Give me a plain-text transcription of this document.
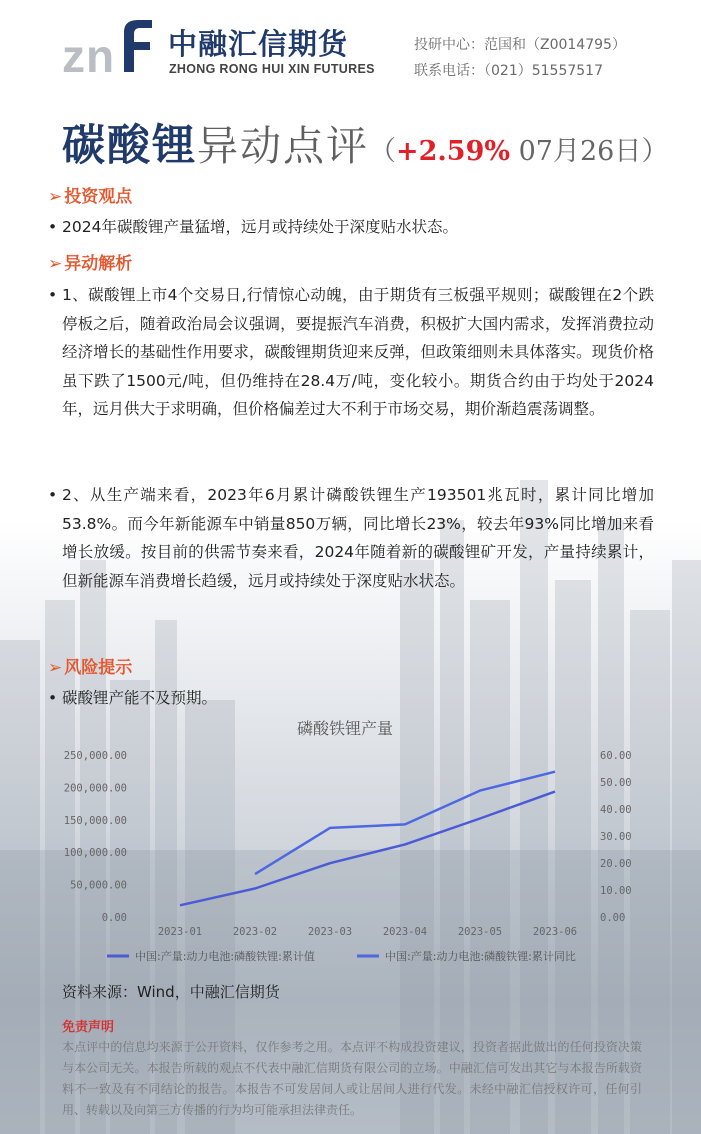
z n 中融汇信期货
ZHONG RONG HUI XIN FUTURES
投研中心：范国和（Z0014795）
联系电话：（021）51557517
碳酸锂异动点评（+2.59% 07月26日）
➢ 投资观点
• 2024年碳酸锂产量猛增，远月或持续处于深度贴水状态。
➢ 异动解析
• 1、碳酸锂上市4个交易日,行情惊心动魄，由于期货有三板强平规则；碳酸锂在2个跌停板之后，随着政治局会议强调，要提振汽车消费，积极扩大国内需求，发挥消费拉动经济增长的基础性作用要求，碳酸锂期货迎来反弹，但政策细则未具体落实。现货价格虽下跌了1500元/吨，但仍维持在28.4万/吨，变化较小。期货合约由于均处于2024年，远月供大于求明确，但价格偏差过大不利于市场交易，期价渐趋震荡调整。
• 2、从生产端来看，2023年6月累计磷酸铁锂生产193501兆瓦时，累计同比增加53.8%。而今年新能源车中销量850万辆，同比增长23%，较去年93%同比增加来看增长放缓。按目前的供需节奏来看，2024年随着新的碳酸锂矿开发，产量持续累计，但新能源车消费增长趋缓，远月或持续处于深度贴水状态。
➢ 风险提示
• 碳酸锂产能不及预期。
磷酸铁锂产量
0.00
50,000.00
100,000.00
150,000.00
200,000.00
250,000.00
0.00
10.00
20.00
30.00
40.00
50.00
60.00
2023-01	2023-02	2023-03	2023-04	2023-05	2023-06
中国:产量:动力电池:磷酸铁锂:累计值	中国:产量:动力电池:磷酸铁锂:累计同比
资料来源：Wind，中融汇信期货
免责声明
本点评中的信息均来源于公开资料，仅作参考之用。本点评不构成投资建议，投资者据此做出的任何投资决策与本公司无关。本报告所载的观点不代表中融汇信期货有限公司的立场。中融汇信可发出其它与本报告所载资料不一致及有不同结论的报告。本报告不可发居间人或让居间人进行代发。未经中融汇信授权许可，任何引用、转载以及向第三方传播的行为均可能承担法律责任。
